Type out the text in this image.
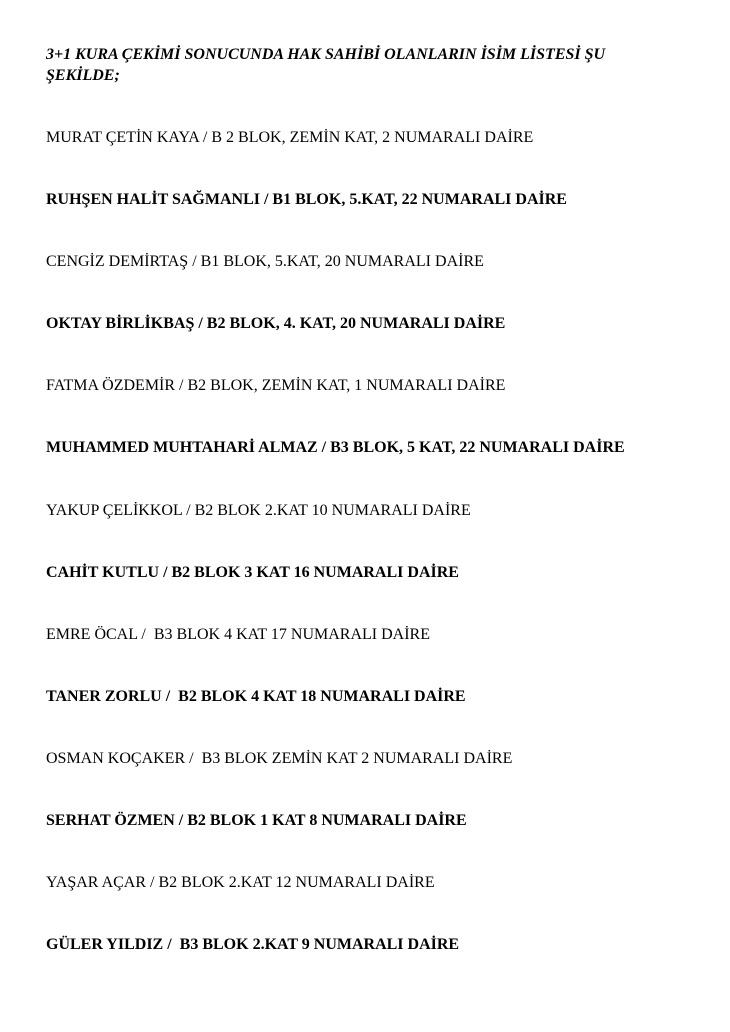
3+1 KURA ÇEKİMİ SONUCUNDA HAK SAHİBİ OLANLARIN İSİM LİSTESİ ŞU
ŞEKİLDE;
MURAT ÇETİN KAYA / B 2 BLOK, ZEMİN KAT, 2 NUMARALI DAİRE
RUHŞEN HALİT SAĞMANLI / B1 BLOK, 5.KAT, 22 NUMARALI DAİRE
CENGİZ DEMİRTAŞ / B1 BLOK, 5.KAT, 20 NUMARALI DAİRE
OKTAY BİRLİKBAŞ / B2 BLOK, 4. KAT, 20 NUMARALI DAİRE
FATMA ÖZDEMİR / B2 BLOK, ZEMİN KAT, 1 NUMARALI DAİRE
MUHAMMED MUHTAHARİ ALMAZ / B3 BLOK, 5 KAT, 22 NUMARALI DAİRE
YAKUP ÇELİKKOL / B2 BLOK 2.KAT 10 NUMARALI DAİRE
CAHİT KUTLU / B2 BLOK 3 KAT 16 NUMARALI DAİRE
EMRE ÖCAL /  B3 BLOK 4 KAT 17 NUMARALI DAİRE
TANER ZORLU /  B2 BLOK 4 KAT 18 NUMARALI DAİRE
OSMAN KOÇAKER /  B3 BLOK ZEMİN KAT 2 NUMARALI DAİRE
SERHAT ÖZMEN / B2 BLOK 1 KAT 8 NUMARALI DAİRE
YAŞAR AÇAR / B2 BLOK 2.KAT 12 NUMARALI DAİRE
GÜLER YILDIZ /  B3 BLOK 2.KAT 9 NUMARALI DAİRE
